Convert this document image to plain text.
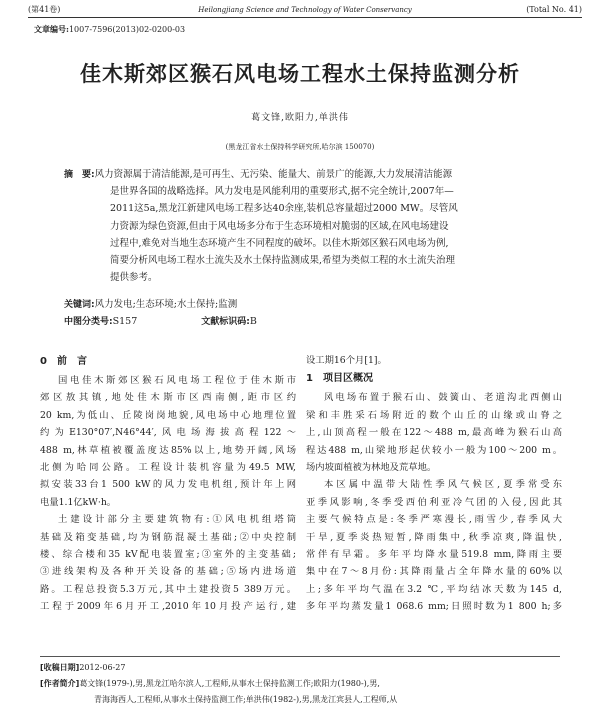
(第41卷)	Heilongjiang Science and Technology of Water Conservancy	(Total No. 41)
文章编号:1007-7596(2013)02-0200-03
佳木斯郊区猴石风电场工程水土保持监测分析
葛文锋,欧阳力,单洪伟
(黑龙江省水土保持科学研究所,哈尔滨 150070)
摘　要:风力资源属于清洁能源,是可再生、无污染、能量大、前景广的能源,大力发展清洁能源
是世界各国的战略选择。风力发电是风能利用的重要形式,据不完全统计,2007年—
2011这5a,黑龙江新建风电场工程多达40余座,装机总容量超过2000 MW。尽管风
力资源为绿色资源,但由于风电场多分布于生态环境相对脆弱的区域,在风电场建设
过程中,难免对当地生态环境产生不同程度的破坏。以佳木斯郊区猴石风电场为例,
简要分析风电场工程水土流失及水土保持监测成果,希望为类似工程的水土流失治理
提供参考。
关键词:风力发电;生态环境;水土保持;监测
中图分类号:S157	文献标识码:B
0　前　言
国电佳木斯郊区猴石风电场工程位于佳木斯市
郊区敖其镇,地处佳木斯市区西南侧,距市区约
20 km,为低山、丘陵岗岗地貌,风电场中心地理位置
约为E130°07′,N46°44′,风电场海拔高程122～
488 m,林草植被覆盖度达85%以上,地势开阔,风场
北侧为哈同公路。工程设计装机容量为49.5 MW,
拟安装33台1 500 kW的风力发电机组,预计年上网
电量1.1亿kW·h。
土建设计部分主要建筑物有:①风电机组塔筒
基础及箱变基础,均为钢筋混凝土基础;②中央控制
楼、综合楼和35 kV配电装置室;③室外的主变基础;
③进线架构及各种开关设备的基础;⑤场内进场道
路。工程总投资5.3万元,其中土建投资5 389万元。
工程于2009年6月开工,2010年10月投产运行,建
设工期16个月[1]。
1　项目区概况
风电场布置于猴石山、鼓簧山、老道沟北西侧山
梁和丰胜采石场附近的数个山丘的山缘或山脊之
上,山顶高程一般在122～488 m,最高峰为猴石山高
程达488 m,山梁地形起伏较小一般为100～200 m。
场内坡面植被为林地及荒草地。
本区属中温带大陆性季风气候区,夏季常受东
亚季风影响,冬季受西伯利亚冷气团的入侵,因此其
主要气候特点是:冬季严寒漫长,雨雪少,春季风大
干旱,夏季炎热短暂,降雨集中,秋季凉爽,降温快,
常伴有早霜。多年平均降水量519.8 mm,降雨主要
集中在7～8月份:其降雨量占全年降水量的60%以
上;多年平均气温在3.2 ℃,平均结冰天数为145 d,
多年平均蒸发量1 068.6 mm;日照时数为1 800 h;多
[收稿日期]2012-06-27
[作者简介]葛文锋(1979-),男,黑龙江哈尔滨人,工程师,从事水土保持监测工作;欧阳力(1980-),男,
青海海西人,工程师,从事水土保持监测工作;单洪伟(1982-),男,黑龙江宾县人,工程师,从
